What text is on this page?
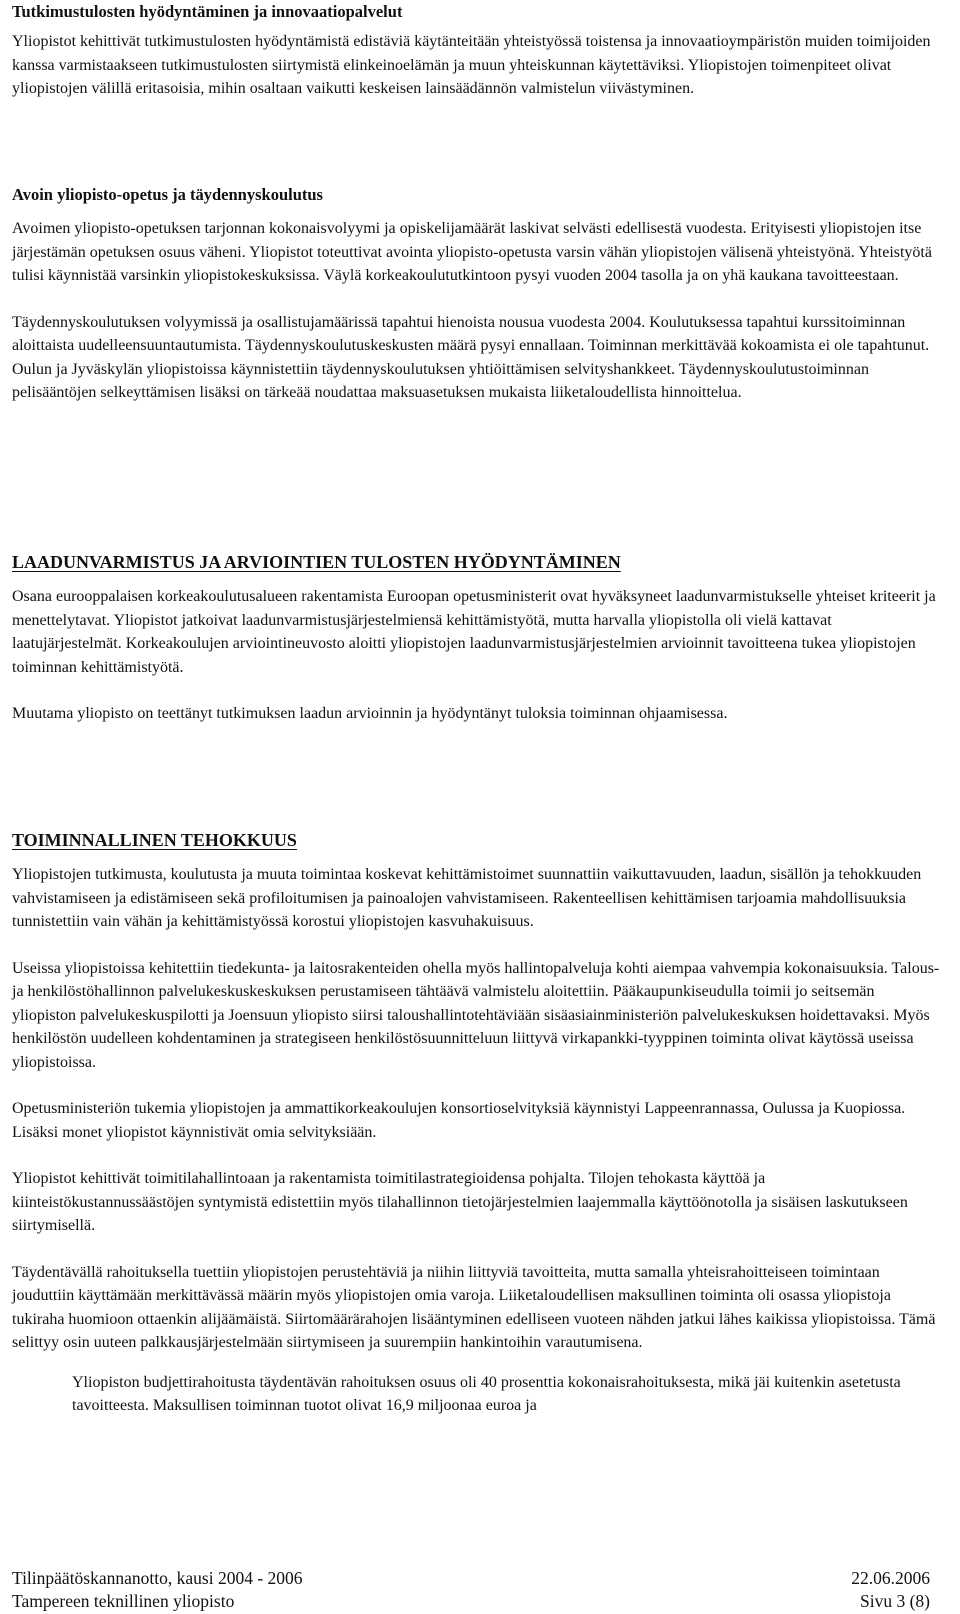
Tutkimustulosten hyödyntäminen ja innovaatiopalvelut

Yliopistot kehittivät tutkimustulosten hyödyntämistä edistäviä käytänteitään yhteistyössä toistensa ja innovaatioympäristön muiden toimijoiden kanssa varmistaakseen tutkimustulosten siirtymistä elinkeinoelämän ja muun yhteiskunnan käytettäviksi. Yliopistojen toimenpiteet olivat yliopistojen välillä eritasoisia, mihin osaltaan vaikutti keskeisen lainsäädännön valmistelun viivästyminen.

Avoin yliopisto-opetus ja täydennyskoulutus

Avoimen yliopisto-opetuksen tarjonnan kokonaisvolyymi ja opiskelijamäärät laskivat selvästi edellisestä vuodesta. Erityisesti yliopistojen itse järjestämän opetuksen osuus väheni. Yliopistot toteuttivat avointa yliopisto-opetusta varsin vähän yliopistojen välisenä yhteistyönä. Yhteistyötä tulisi käynnistää varsinkin yliopistokeskuksissa. Väylä korkeakoulututkintoon pysyi vuoden 2004 tasolla ja on yhä kaukana tavoitteestaan.

Täydennyskoulutuksen volyymissä ja osallistujamäärissä tapahtui hienoista nousua vuodesta 2004. Koulutuksessa tapahtui kurssitoiminnan aloittaista uudelleensuuntautumista. Täydennyskoulutuskeskusten määrä pysyi ennallaan. Toiminnan merkittävää kokoamista ei ole tapahtunut. Oulun ja Jyväskylän yliopistoissa käynnistettiin täydennyskoulutuksen yhtiöittämisen selvityshankkeet. Täydennyskoulutustoiminnan pelisääntöjen selkeyttämisen lisäksi on tärkeää noudattaa maksuasetuksen mukaista liiketaloudellista hinnoittelua.

LAADUNVARMISTUS JA ARVIOINTIEN TULOSTEN HYÖDYNTÄMINEN

Osana eurooppalaisen korkeakoulutusalueen rakentamista Euroopan opetusministerit ovat hyväksyneet laadunvarmistukselle yhteiset kriteerit ja menettelytavat. Yliopistot jatkoivat laadunvarmistusjärjestelmiensä kehittämistyötä, mutta harvalla yliopistolla oli vielä kattavat laatujärjestelmät. Korkeakoulujen arviointineuvosto aloitti yliopistojen laadunvarmistusjärjestelmien arvioinnit tavoitteena tukea yliopistojen toiminnan kehittämistyötä.

Muutama yliopisto on teettänyt tutkimuksen laadun arvioinnin ja hyödyntänyt tuloksia toiminnan ohjaamisessa.

TOIMINNALLINEN TEHOKKUUS

Yliopistojen tutkimusta, koulutusta ja muuta toimintaa koskevat kehittämistoimet suunnattiin vaikuttavuuden, laadun, sisällön ja tehokkuuden vahvistamiseen ja edistämiseen sekä profiloitumisen ja painoalojen vahvistamiseen. Rakenteellisen kehittämisen tarjoamia mahdollisuuksia tunnistettiin vain vähän ja kehittämistyössä korostui yliopistojen kasvuhakuisuus.

Useissa yliopistoissa kehitettiin tiedekunta- ja laitosrakenteiden ohella myös hallintopalveluja kohti aiempaa vahvempia kokonaisuuksia. Talous- ja henkilöstöhallinnon palvelukeskuskeskuksen perustamiseen tähtäävä valmistelu aloitettiin. Pääkaupunkiseudulla toimii jo seitsemän yliopiston palvelukeskuspilotti ja Joensuun yliopisto siirsi taloushallintotehtäviään sisäasiainministeriön palvelukeskuksen hoidettavaksi. Myös henkilöstön uudelleen kohdentaminen ja strategiseen henkilöstösuunnitteluun liittyvä virkapankki-tyyppinen toiminta olivat käytössä useissa yliopistoissa.

Opetusministeriön tukemia yliopistojen ja ammattikorkeakoulujen konsortioselvityksiä käynnistyi Lappeenrannassa, Oulussa ja Kuopiossa. Lisäksi monet yliopistot käynnistivät omia selvityksiään.

Yliopistot kehittivät toimitilahallintoaan ja rakentamista toimitilastrategioidensa pohjalta. Tilojen tehokasta käyttöä ja kiinteistökustannussäästöjen syntymistä edistettiin myös tilahallinnon tietojärjestelmien laajemmalla käyttöönotolla ja sisäisen laskutukseen siirtymisellä.

Täydentävällä rahoituksella tuettiin yliopistojen perustehtäviä ja niihin liittyviä tavoitteita, mutta samalla yhteisrahoitteiseen toimintaan jouduttiin käyttämään merkittävässä määrin myös yliopistojen omia varoja. Liiketaloudellisen maksullinen toiminta oli osassa yliopistoja tukiraha huomioon ottaenkin alijäämäistä. Siirtomäärärahojen lisääntyminen edelliseen vuoteen nähden jatkui lähes kaikissa yliopistoissa. Tämä selittyy osin uuteen palkkausjärjestelmään siirtymiseen ja suurempiin hankintoihin varautumisena.

Yliopiston budjettirahoitusta täydentävän rahoituksen osuus oli 40 prosenttia kokonaisrahoituksesta, mikä jäi kuitenkin asetetusta tavoitteesta. Maksullisen toiminnan tuotot olivat 16,9 miljoonaa euroa ja

Tilinpäätöskannanotto, kausi 2004 - 2006	22.06.2006
Tampereen teknillinen yliopisto	Sivu 3 (8)
